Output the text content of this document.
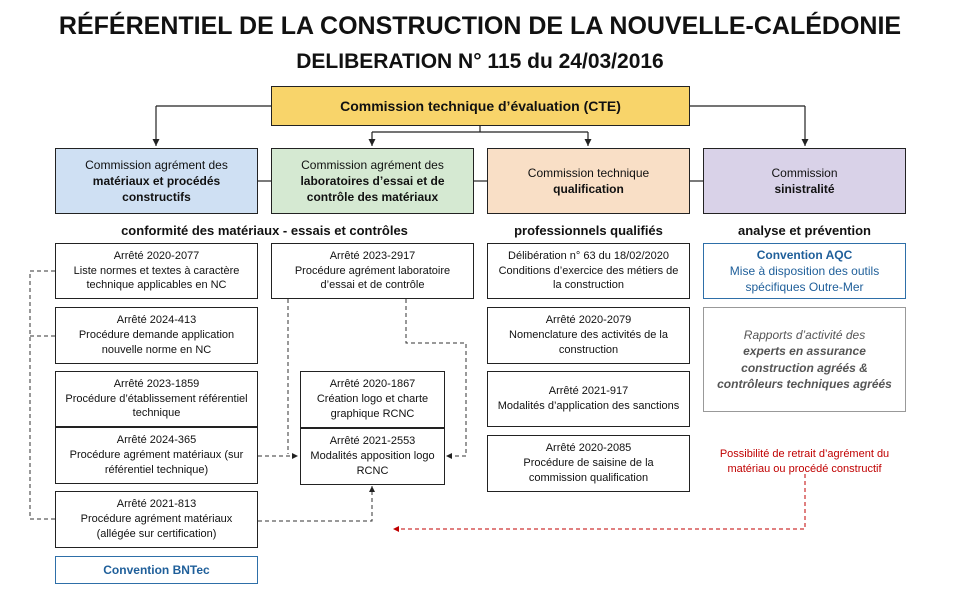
RÉFÉRENTIEL DE LA CONSTRUCTION DE LA NOUVELLE-CALÉDONIE
DELIBERATION N° 115 du 24/03/2016
Commission technique d’évaluation (CTE)
Commission agrément des
matériaux et procédés constructifs
Commission agrément des
laboratoires d’essai et de contrôle des matériaux
Commission technique
qualification
Commission
sinistralité
conformité des matériaux - essais et contrôles	professionnels qualifiés	analyse et prévention
Arrêté 2020-2077
Liste normes et textes à caractère technique applicables en NC
Arrêté 2024-413
Procédure demande application nouvelle norme en NC
Arrêté 2023-1859
Procédure d’établissement référentiel technique
Arrêté 2024-365
Procédure agrément matériaux (sur référentiel technique)
Arrêté 2021-813
Procédure agrément matériaux (allégée sur certification)
Convention BNTec
Arrêté 2023-2917
Procédure agrément laboratoire d’essai et de contrôle
Arrêté 2020-1867
Création logo et charte graphique RCNC
Arrêté 2021-2553
Modalités apposition logo RCNC
Délibération n° 63 du 18/02/2020
Conditions d’exercice des métiers de la construction
Arrêté 2020-2079
Nomenclature des activités de la construction
Arrêté 2021-917
Modalités d’application des sanctions
Arrêté 2020-2085
Procédure de saisine de la commission qualification
Convention AQC
Mise à disposition des outils spécifiques Outre-Mer
Rapports d’activité des
experts en assurance construction agréés & contrôleurs techniques agréés
Possibilité de retrait d’agrément du matériau ou procédé constructif
